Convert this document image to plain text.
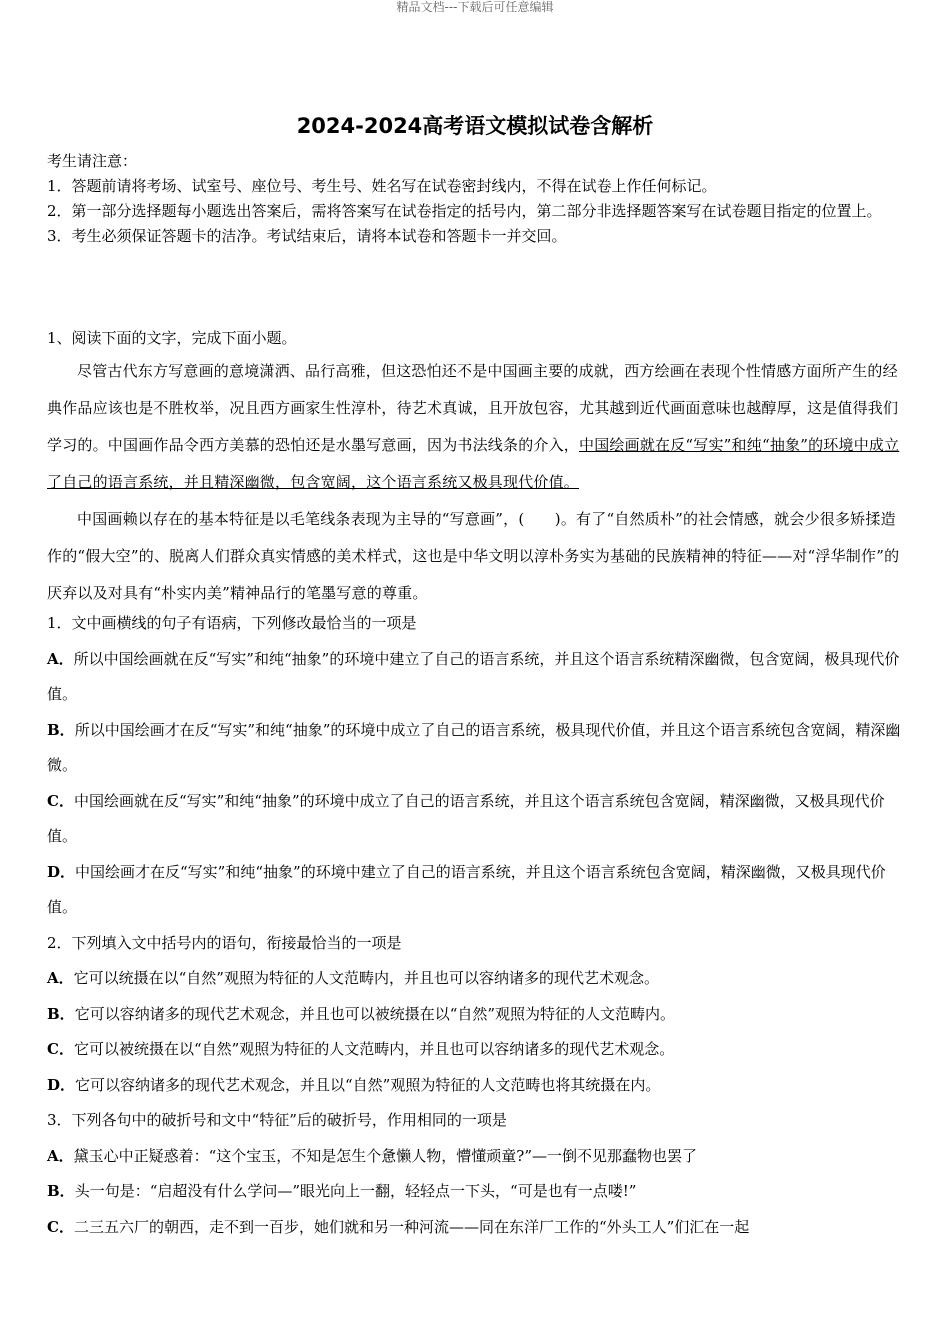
精品文档---下载后可任意编辑
2024-2024高考语文模拟试卷含解析

考生请注意：

1．答题前请将考场、试室号、座位号、考生号、姓名写在试卷密封线内，不得在试卷上作任何标记。

2．第一部分选择题每小题选出答案后，需将答案写在试卷指定的括号内，第二部分非选择题答案写在试卷题目指定的位置上。

3．考生必须保证答题卡的洁净。考试结束后，请将本试卷和答题卡一并交回。

1、阅读下面的文字，完成下面小题。

尽管古代东方写意画的意境潇洒、品行高雅，但这恐怕还不是中国画主要的成就，西方绘画在表现个性情感方面所产生的经典作品应该也是不胜枚举，况且西方画家生性淳朴，待艺术真诚，且开放包容，尤其越到近代画面意味也越醇厚，这是值得我们学习的。中国画作品令西方美慕的恐怕还是水墨写意画，因为书法线条的介入，中国绘画就在反“写实”和纯“抽象”的环境中成立了自己的语言系统，并且精深幽微，包含宽阔，这个语言系统又极具现代价值。

中国画赖以存在的基本特征是以毛笔线条表现为主导的“写意画”，(　　)。有了“自然质朴”的社会情感，就会少很多矫揉造作的“假大空”的、脱离人们群众真实情感的美术样式，这也是中华文明以淳朴务实为基础的民族精神的特征——对“浮华制作”的厌弃以及对具有“朴实内美”精神品行的笔墨写意的尊重。

1．文中画横线的句子有语病，下列修改最恰当的一项是

A．所以中国绘画就在反“写实”和纯“抽象”的环境中建立了自己的语言系统，并且这个语言系统精深幽微，包含宽阔，极具现代价值。

B．所以中国绘画才在反“写实”和纯“抽象”的环境中成立了自己的语言系统，极具现代价值，并且这个语言系统包含宽阔，精深幽微。

C．中国绘画就在反“写实”和纯“抽象”的环境中成立了自己的语言系统，并且这个语言系统包含宽阔，精深幽微，又极具现代价值。

D．中国绘画才在反“写实”和纯“抽象”的环境中建立了自己的语言系统，并且这个语言系统包含宽阔，精深幽微，又极具现代价值。

2．下列填入文中括号内的语句，衔接最恰当的一项是

A．它可以统摄在以“自然”观照为特征的人文范畴内，并且也可以容纳诸多的现代艺术观念。

B．它可以容纳诸多的现代艺术观念，并且也可以被统摄在以“自然”观照为特征的人文范畴内。

C．它可以被统摄在以“自然”观照为特征的人文范畴内，并且也可以容纳诸多的现代艺术观念。

D．它可以容纳诸多的现代艺术观念，并且以“自然”观照为特征的人文范畴也将其统摄在内。

3．下列各句中的破折号和文中“特征”后的破折号，作用相同的一项是

A．黛玉心中正疑惑着：“这个宝玉，不知是怎生个惫懒人物，懵懂顽童?”—一倒不见那蠢物也罢了

B．头一句是：“启超没有什么学问—”眼光向上一翻，轻轻点一下头，“可是也有一点喽!”

C．二三五六厂的朝西，走不到一百步，她们就和另一种河流——同在东洋厂工作的“外头工人”们汇在一起
